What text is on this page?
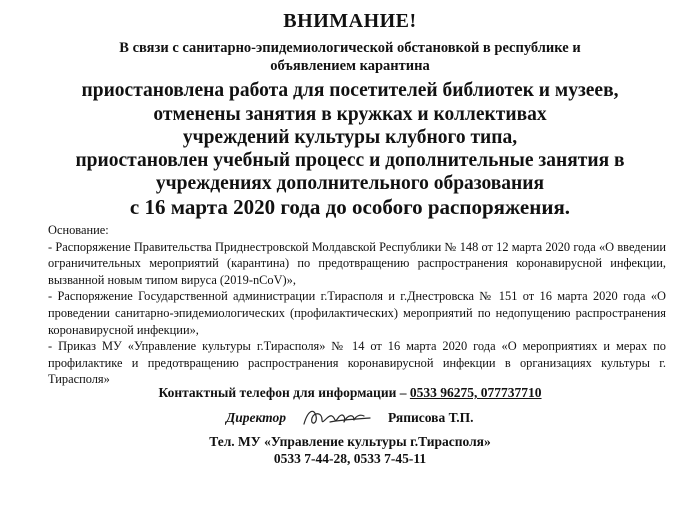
ВНИМАНИЕ!
В связи с санитарно-эпидемиологической обстановкой в республике и
объявлением карантина
приостановлена работа для посетителей библиотек и музеев,
отменены занятия в кружках и коллективах
учреждений культуры клубного типа,
приостановлен учебный процесс и дополнительные занятия в
учреждениях дополнительного образования
с 16 марта 2020 года до особого распоряжения.

Основание:

- Распоряжение Правительства Приднестровской Молдавской Республики № 148 от 12 марта 2020 года «О введении ограничительных мероприятий (карантина) по предотвращению распространения коронавирусной инфекции, вызванной новым типом вируса (2019-nCoV)»,

- Распоряжение Государственной администрации г.Тирасполя и г.Днестровска № 151 от 16 марта 2020 года «О проведении санитарно-эпидемиологических (профилактических) мероприятий по недопущению распространения коронавирусной инфекции»,

- Приказ МУ «Управление культуры г.Тирасполя» № 14 от 16 марта 2020 года «О мероприятиях и мерах по профилактике и предотвращению распространения коронавирусной инфекции в организациях культуры г. Тирасполя»

Контактный телефон для информации – 0533 96275, 077737710
Директор	Ряписова Т.П.
Тел. МУ «Управление культуры г.Тирасполя»
0533 7-44-28, 0533 7-45-11
